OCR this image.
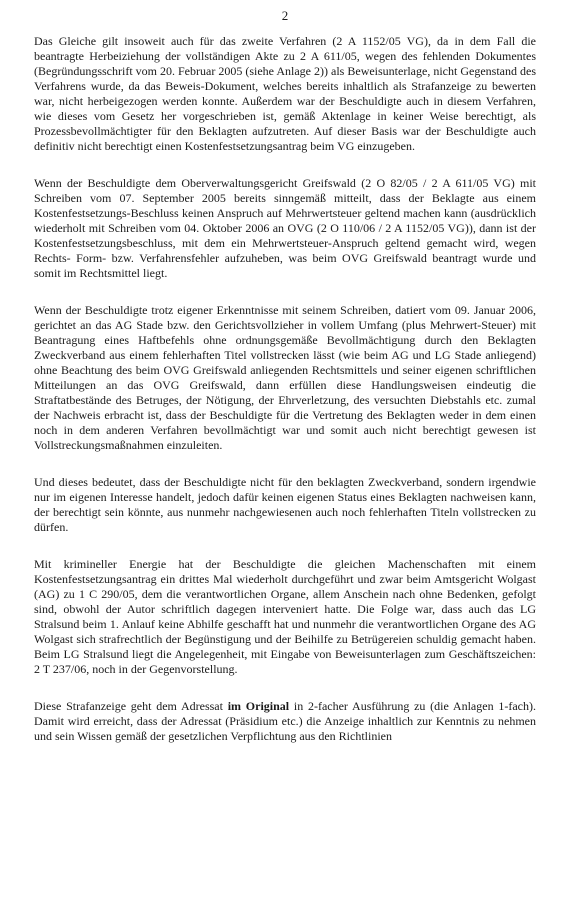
2

Das Gleiche gilt insoweit auch für das zweite Verfahren (2 A 1152/05 VG), da in dem Fall die beantragte Herbeiziehung der vollständigen Akte zu 2 A 611/05, wegen des fehlenden Dokumentes (Begründungsschrift vom 20. Februar 2005 (siehe Anlage 2)) als Beweisunterlage, nicht Gegenstand des Verfahrens wurde, da das Beweis-Dokument, welches bereits inhaltlich als Strafanzeige zu bewerten war, nicht herbeigezogen werden konnte. Außerdem war der Beschuldigte auch in diesem Verfahren, wie dieses vom Gesetz her vorgeschrieben ist, gemäß Aktenlage in keiner Weise berechtigt, als Prozessbevollmächtigter für den Beklagten aufzutreten. Auf dieser Basis war der Beschuldigte auch definitiv nicht berechtigt einen Kostenfestsetzungsantrag beim VG einzugeben.

Wenn der Beschuldigte dem Oberverwaltungsgericht Greifswald (2 O 82/05 / 2 A 611/05 VG) mit Schreiben vom 07. September 2005 bereits sinngemäß mitteilt, dass der Beklagte aus einem Kostenfestsetzungs-Beschluss keinen Anspruch auf Mehrwertsteuer geltend machen kann (ausdrücklich wiederholt mit Schreiben vom 04. Oktober 2006 an OVG (2 O 110/06 / 2 A 1152/05 VG)), dann ist der Kostenfestsetzungsbeschluss, mit dem ein Mehrwertsteuer-Anspruch geltend gemacht wird, wegen Rechts- Form- bzw. Verfahrensfehler aufzuheben, was beim OVG Greifswald beantragt wurde und somit im Rechtsmittel liegt.

Wenn der Beschuldigte trotz eigener Erkenntnisse mit seinem Schreiben, datiert vom 09. Januar 2006, gerichtet an das AG Stade bzw. den Gerichtsvollzieher in vollem Umfang (plus Mehrwert-Steuer) mit Beantragung eines Haftbefehls ohne ordnungsgemäße Bevollmächtigung durch den Beklagten Zweckverband aus einem fehlerhaften Titel vollstrecken lässt (wie beim AG und LG Stade anliegend) ohne Beachtung des beim OVG Greifswald anliegenden Rechtsmittels und seiner eigenen schriftlichen Mitteilungen an das OVG Greifswald, dann erfüllen diese Handlungsweisen eindeutig die Straftatbestände des Betruges, der Nötigung, der Ehrverletzung, des versuchten Diebstahls etc. zumal der Nachweis erbracht ist, dass der Beschuldigte für die Vertretung des Beklagten weder in dem einen noch in dem anderen Verfahren bevollmächtigt war und somit auch nicht berechtigt gewesen ist Vollstreckungsmaßnahmen einzuleiten.

Und dieses bedeutet, dass der Beschuldigte nicht für den beklagten Zweckverband, sondern irgendwie nur im eigenen Interesse handelt, jedoch dafür keinen eigenen Status eines Beklagten nachweisen kann, der berechtigt sein könnte, aus nunmehr nachgewiesenen auch noch fehlerhaften Titeln vollstrecken zu dürfen.

Mit krimineller Energie hat der Beschuldigte die gleichen Machenschaften mit einem Kostenfestsetzungsantrag ein drittes Mal wiederholt durchgeführt und zwar beim Amtsgericht Wolgast (AG) zu 1 C 290/05, dem die verantwortlichen Organe, allem Anschein nach ohne Bedenken, gefolgt sind, obwohl der Autor schriftlich dagegen interveniert hatte. Die Folge war, dass auch das LG Stralsund beim 1. Anlauf keine Abhilfe geschafft hat und nunmehr die verantwortlichen Organe des AG Wolgast sich strafrechtlich der Begünstigung und der Beihilfe zu Betrügereien schuldig gemacht haben. Beim LG Stralsund liegt die Angelegenheit, mit Eingabe von Beweisunterlagen zum Geschäftszeichen: 2 T 237/06, noch in der Gegenvorstellung.

Diese Strafanzeige geht dem Adressat im Original in 2-facher Ausführung zu (die Anlagen 1-fach). Damit wird erreicht, dass der Adressat (Präsidium etc.) die Anzeige inhaltlich zur Kenntnis zu nehmen und sein Wissen gemäß der gesetzlichen Verpflichtung aus den Richtlinien
